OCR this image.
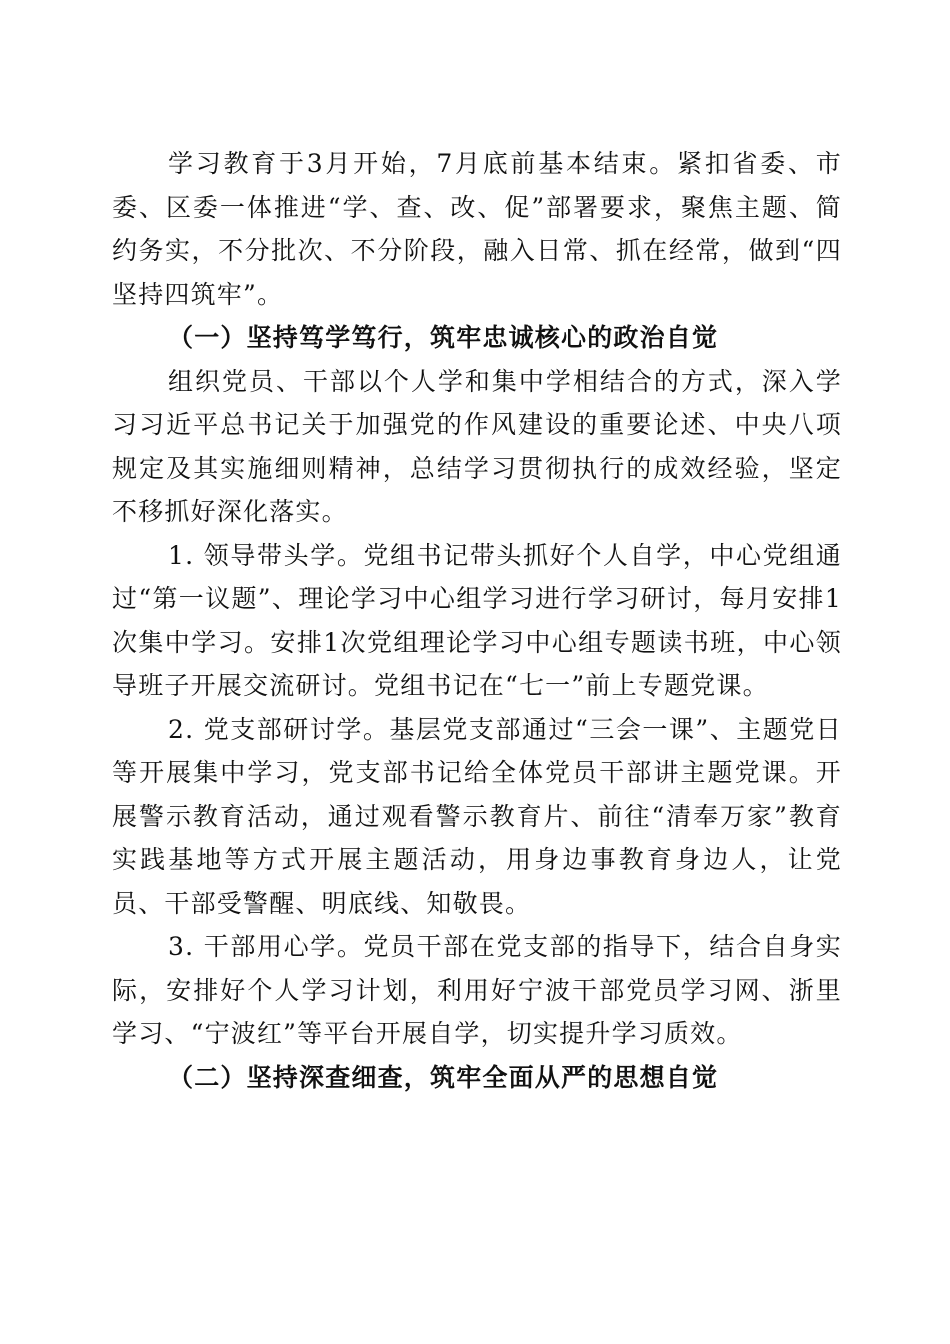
学习教育于3月开始，7月底前基本结束。紧扣省委、市委、区委一体推进“学、查、改、促”部署要求，聚焦主题、简约务实，不分批次、不分阶段，融入日常、抓在经常，做到“四坚持四筑牢”。

（一）坚持笃学笃行，筑牢忠诚核心的政治自觉

组织党员、干部以个人学和集中学相结合的方式，深入学习习近平总书记关于加强党的作风建设的重要论述、中央八项规定及其实施细则精神，总结学习贯彻执行的成效经验，坚定不移抓好深化落实。

1. 领导带头学。党组书记带头抓好个人自学，中心党组通过“第一议题”、理论学习中心组学习进行学习研讨，每月安排1次集中学习。安排1次党组理论学习中心组专题读书班，中心领导班子开展交流研讨。党组书记在“七一”前上专题党课。

2. 党支部研讨学。基层党支部通过“三会一课”、主题党日等开展集中学习，党支部书记给全体党员干部讲主题党课。开展警示教育活动，通过观看警示教育片、前往“清奉万家”教育实践基地等方式开展主题活动，用身边事教育身边人，让党员、干部受警醒、明底线、知敬畏。

3. 干部用心学。党员干部在党支部的指导下，结合自身实际，安排好个人学习计划，利用好宁波干部党员学习网、浙里学习、“宁波红”等平台开展自学，切实提升学习质效。

（二）坚持深查细查，筑牢全面从严的思想自觉
